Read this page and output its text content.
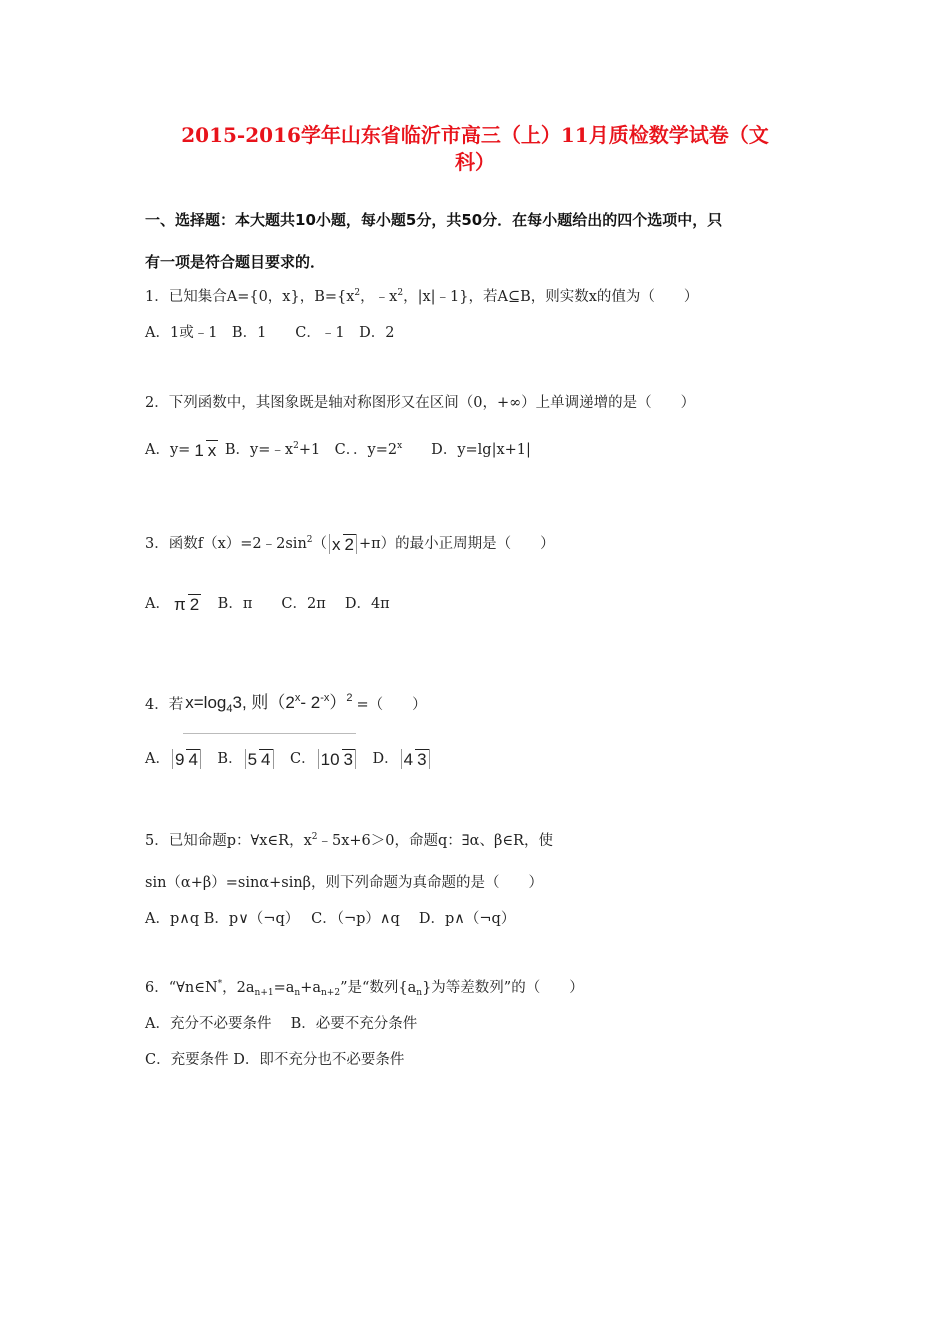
2015-2016学年山东省临沂市高三（上）11月质检数学试卷（文
科）
一、选择题：本大题共10小题，每小题5分，共50分．在每小题给出的四个选项中，只
有一项是符合题目要求的．
1．已知集合A={0，x}，$B=\{x^2$，$﹣x^2$，|x|﹣1}，若A⊆B，则实数x的值为（　　）
A．1或﹣1　B．1　　C．﹣1　D．2
2．下列函数中，其图象既是轴对称图形又在区间（0，+∞）上单调递增的是（　　）
A．y= 1 x B．$y=﹣x^2+1$　C．．$y=2^x$　　D．y=lg|x+1|
3．函数$f(x)=2﹣2\sin^2$（ x 2 +π）的最小正周期是（　　）
A． π 2　B．π　　C．2π　 D．4π
4．若 $x=\log_43$, 则（2$^x$- $2^{-x})^2$ =（　　）
A． 9 4　B． 5 4　C． 10 3　D． 4 3
5．已知命题p：∀x∈R，$x^2﹣5x+6>0$，命题q：∃α、β∈R，使
sin（α+β）=sinα+sinβ，则下列命题为真命题的是（　　）
A．p∧q B．p∨（¬q）　 C．（¬p）∧q　 D．p∧（¬q）
6．“∀n∈N*，$2a_{n+1}=a_n+a_{n+2}$”是“数列$\{a_n\}$为等差数列”的（　　）
A．充分不必要条件　 B．必要不充分条件
C．充要条件 D．即不充分也不必要条件
